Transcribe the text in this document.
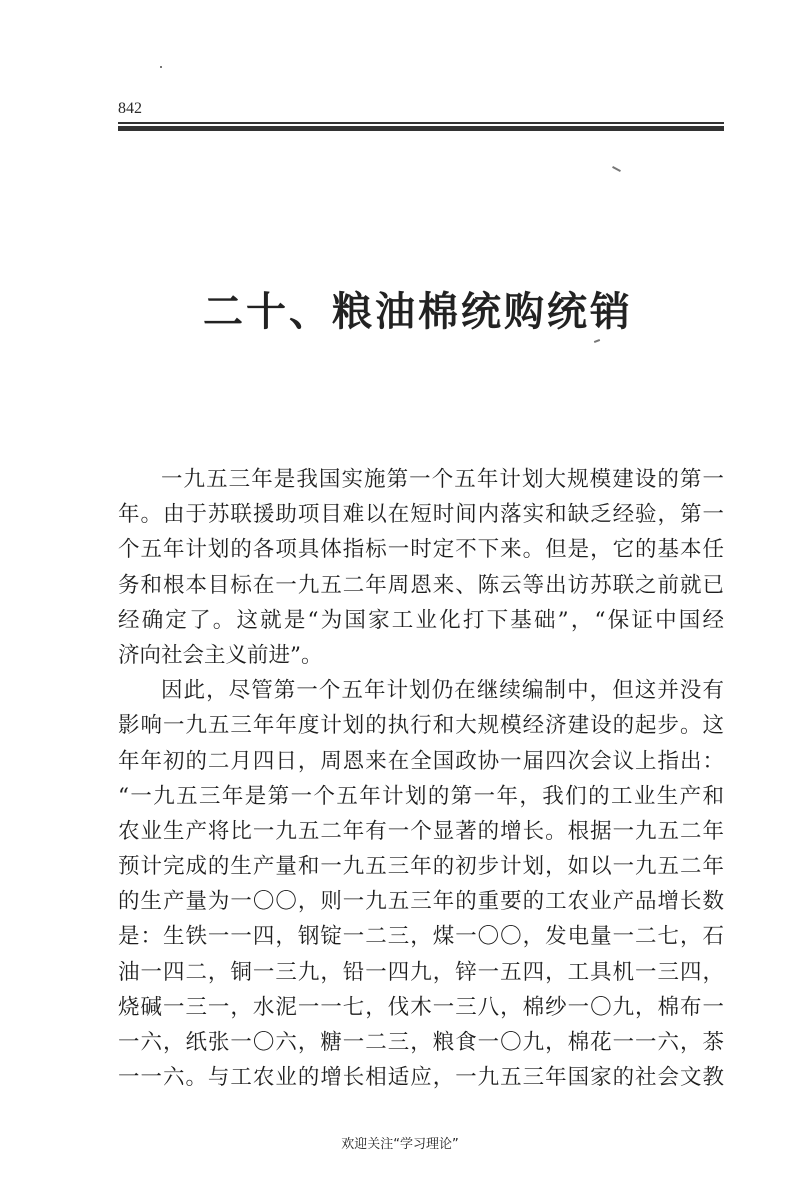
842
二十、粮油棉统购统销
一九五三年是我国实施第一个五年计划大规模建设的第一
年。由于苏联援助项目难以在短时间内落实和缺乏经验，第一
个五年计划的各项具体指标一时定不下来。但是，它的基本任
务和根本目标在一九五二年周恩来、陈云等出访苏联之前就已
经确定了。这就是“为国家工业化打下基础”，“保证中国经
济向社会主义前进”。
因此，尽管第一个五年计划仍在继续编制中，但这并没有
影响一九五三年年度计划的执行和大规模经济建设的起步。这
年年初的二月四日，周恩来在全国政协一届四次会议上指出：
“一九五三年是第一个五年计划的第一年，我们的工业生产和
农业生产将比一九五二年有一个显著的增长。根据一九五二年
预计完成的生产量和一九五三年的初步计划，如以一九五二年
的生产量为一〇〇，则一九五三年的重要的工农业产品增长数
是：生铁一一四，钢锭一二三，煤一〇〇，发电量一二七，石
油一四二，铜一三九，铅一四九，锌一五四，工具机一三四，
烧碱一三一，水泥一一七，伐木一三八，棉纱一〇九，棉布一
一六，纸张一〇六，糖一二三，粮食一〇九，棉花一一六，茶
一一六。与工农业的增长相适应，一九五三年国家的社会文教
欢迎关注“学习理论”
